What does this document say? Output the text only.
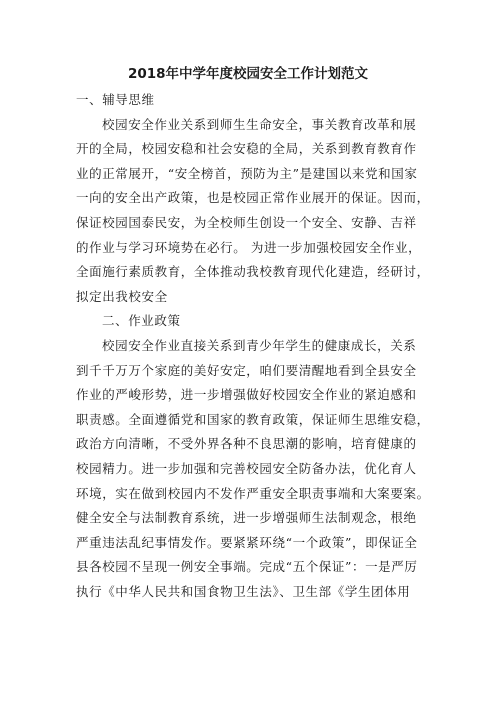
2018年中学年度校园安全工作计划范文
一、辅导思维
校园安全作业关系到师生生命安全，事关教育改革和展
开的全局，校园安稳和社会安稳的全局，关系到教育教育作
业的正常展开，“安全榜首，预防为主”是建国以来党和国家
一向的安全出产政策，也是校园正常作业展开的保证。因而，
保证校园国泰民安，为全校师生创设一个安全、安静、吉祥
的作业与学习环境势在必行。 为进一步加强校园安全作业，
全面施行素质教育，全体推动我校教育现代化建造，经研讨，
拟定出我校安全
二、作业政策
校园安全作业直接关系到青少年学生的健康成长，关系
到千千万万个家庭的美好安定，咱们要清醒地看到全县安全
作业的严峻形势，进一步增强做好校园安全作业的紧迫感和
职责感。全面遵循党和国家的教育政策，保证师生思维安稳，
政治方向清晰，不受外界各种不良思潮的影响，培育健康的
校园精力。进一步加强和完善校园安全防备办法，优化育人
环境，实在做到校园内不发作严重安全职责事端和大案要案。
健全安全与法制教育系统，进一步增强师生法制观念，根绝
严重违法乱纪事情发作。要紧紧环绕“一个政策”，即保证全
县各校园不呈现一例安全事端。完成“五个保证”：一是严厉
执行《中华人民共和国食物卫生法》、卫生部《学生团体用
